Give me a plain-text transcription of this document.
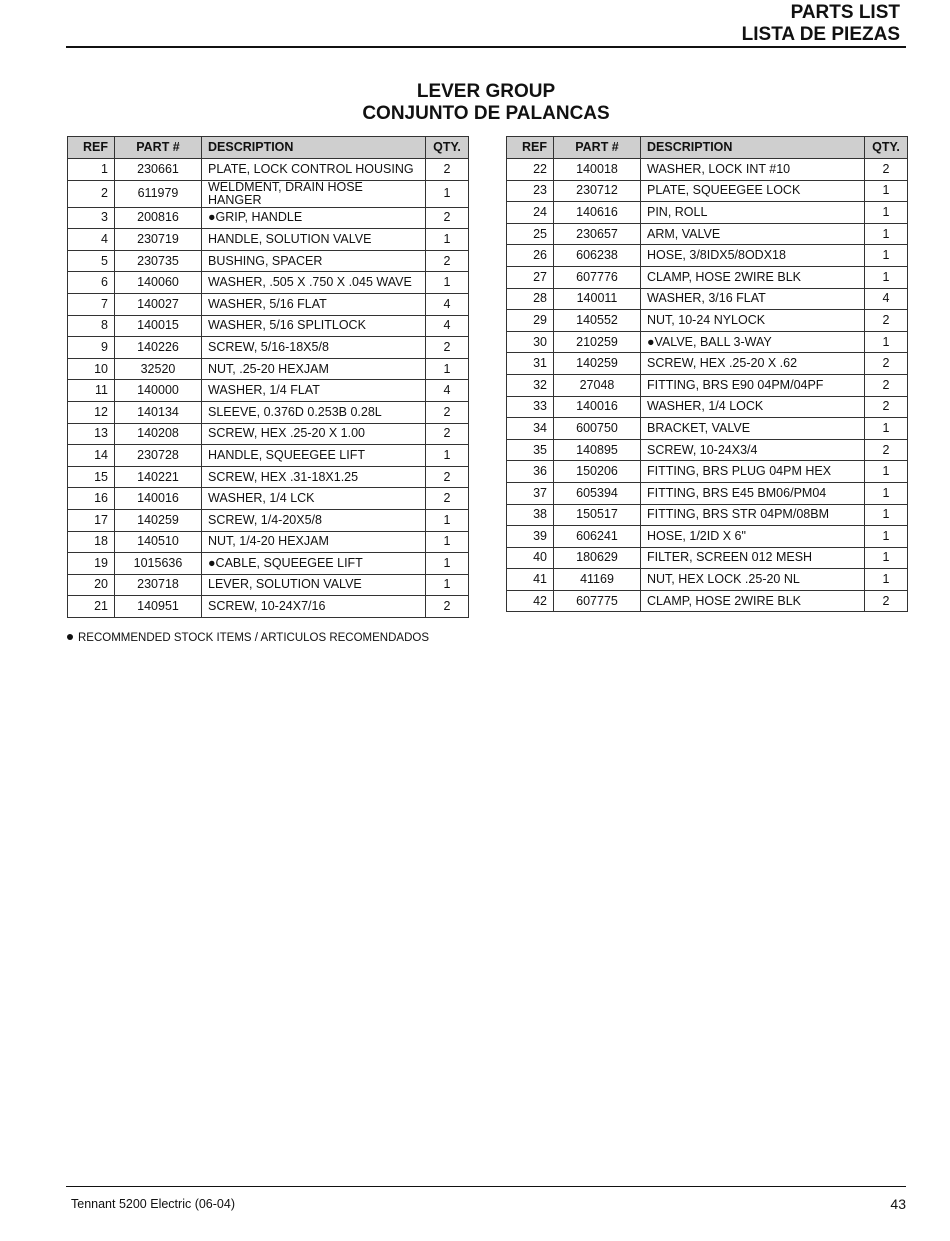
PARTS LIST
LISTA DE PIEZAS
LEVER GROUP
CONJUNTO DE PALANCAS
REF	PART #	DESCRIPTION	QTY.
1	230661	PLATE, LOCK CONTROL HOUSING	2
2	611979	WELDMENT, DRAIN HOSE HANGER	1
3	200816	●GRIP, HANDLE	2
4	230719	HANDLE, SOLUTION VALVE	1
5	230735	BUSHING, SPACER	2
6	140060	WASHER, .505 X .750 X .045 WAVE	1
7	140027	WASHER, 5/16 FLAT	4
8	140015	WASHER, 5/16 SPLITLOCK	4
9	140226	SCREW, 5/16-18X5/8	2
10	32520	NUT, .25-20 HEXJAM	1
11	140000	WASHER, 1/4 FLAT	4
12	140134	SLEEVE, 0.376D 0.253B 0.28L	2
13	140208	SCREW, HEX .25-20 X 1.00	2
14	230728	HANDLE, SQUEEGEE LIFT	1
15	140221	SCREW, HEX .31-18X1.25	2
16	140016	WASHER, 1/4 LCK	2
17	140259	SCREW, 1/4-20X5/8	1
18	140510	NUT, 1/4-20 HEXJAM	1
19	1015636	●CABLE, SQUEEGEE LIFT	1
20	230718	LEVER, SOLUTION VALVE	1
21	140951	SCREW, 10-24X7/16	2
REF	PART #	DESCRIPTION	QTY.
22	140018	WASHER, LOCK INT #10	2
23	230712	PLATE, SQUEEGEE LOCK	1
24	140616	PIN, ROLL	1
25	230657	ARM, VALVE	1
26	606238	HOSE, 3/8IDX5/8ODX18	1
27	607776	CLAMP, HOSE 2WIRE BLK	1
28	140011	WASHER, 3/16 FLAT	4
29	140552	NUT, 10-24 NYLOCK	2
30	210259	●VALVE, BALL 3-WAY	1
31	140259	SCREW, HEX .25-20 X .62	2
32	27048	FITTING, BRS E90 04PM/04PF	2
33	140016	WASHER, 1/4 LOCK	2
34	600750	BRACKET, VALVE	1
35	140895	SCREW, 10-24X3/4	2
36	150206	FITTING, BRS PLUG 04PM HEX	1
37	605394	FITTING, BRS E45 BM06/PM04	1
38	150517	FITTING, BRS STR 04PM/08BM	1
39	606241	HOSE, 1/2ID X 6"	1
40	180629	FILTER, SCREEN 012 MESH	1
41	41169	NUT, HEX LOCK .25-20 NL	1
42	607775	CLAMP, HOSE 2WIRE BLK	2
RECOMMENDED STOCK ITEMS / ARTICULOS RECOMENDADOS
Tennant 5200 Electric (06-04)	43
